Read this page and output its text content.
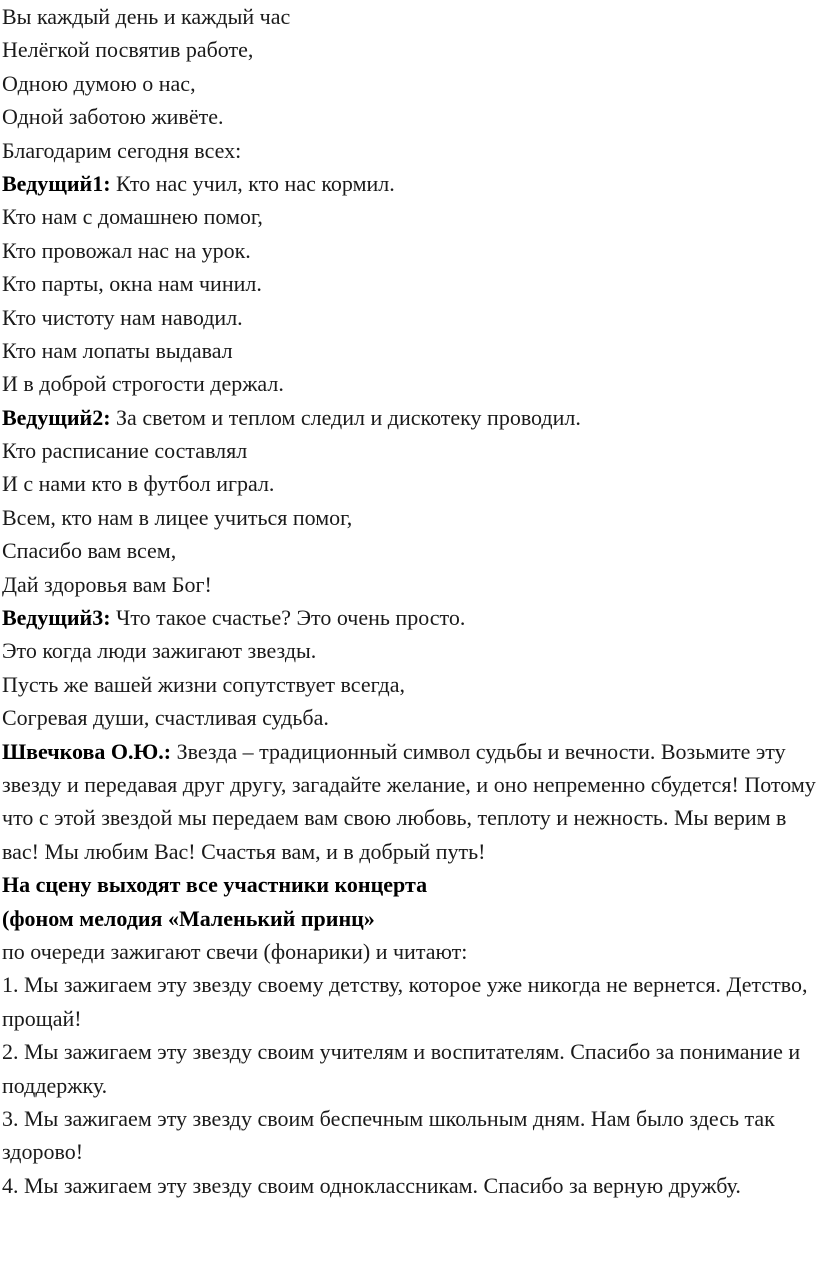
Вы каждый день и каждый час
Нелёгкой посвятив работе,
Одною думою о нас,
Одной заботою живёте.
Благодарим сегодня всех:
Ведущий1: Кто нас учил, кто нас кормил.
Кто нам с домашнею помог,
Кто провожал нас на урок.
Кто парты, окна нам чинил.
Кто чистоту нам наводил.
Кто нам лопаты выдавал
И в доброй строгости держал.
Ведущий2: За светом и теплом следил и дискотеку проводил.
Кто расписание составлял
И с нами кто в футбол играл.
Всем, кто нам в лицее учиться помог,
Спасибо вам всем,
Дай здоровья вам Бог!
Ведущий3: Что такое счастье? Это очень просто.
Это когда люди зажигают звезды.
Пусть же вашей жизни сопутствует всегда,
Согревая души, счастливая судьба.
Швечкова О.Ю.: Звезда – традиционный символ судьбы и вечности. Возьмите эту звезду и передавая друг другу, загадайте желание, и оно непременно сбудется! Потому что с этой звездой мы передаем вам свою любовь, теплоту и нежность. Мы верим в вас! Мы любим Вас! Счастья вам, и в добрый путь!
На сцену выходят все участники концерта
(фоном мелодия «Маленький принц»
по очереди зажигают свечи (фонарики) и читают:
1. Мы зажигаем эту звезду своему детству, которое уже никогда не вернется. Детство, прощай!
2. Мы зажигаем эту звезду своим учителям и воспитателям. Спасибо за понимание и поддержку.
3. Мы зажигаем эту звезду своим беспечным школьным дням. Нам было здесь так здорово!
4. Мы зажигаем эту звезду своим одноклассникам. Спасибо за верную дружбу.
